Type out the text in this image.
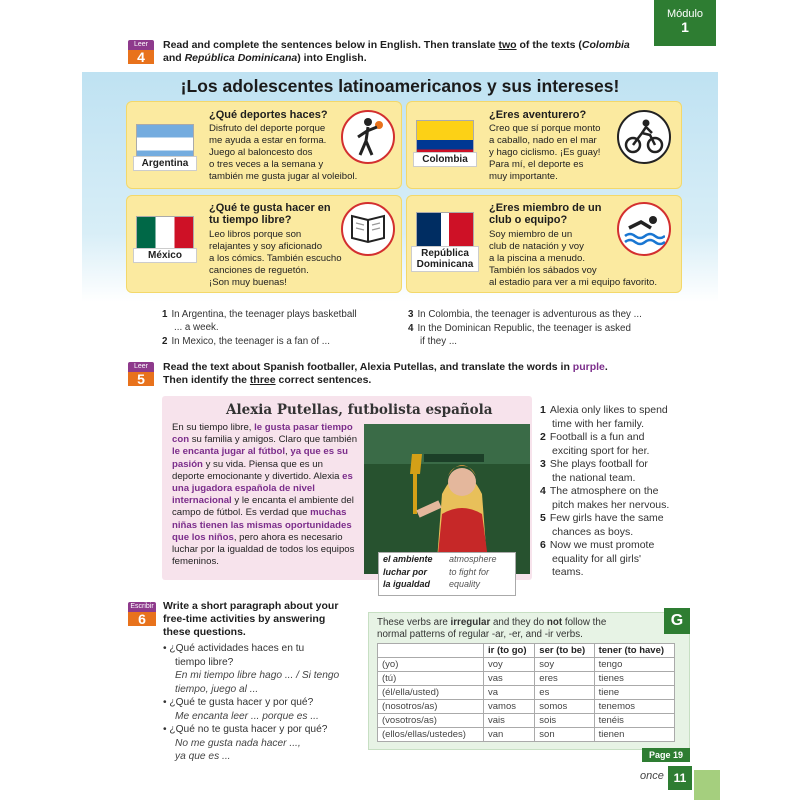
Módulo
1
Leer
4
Read and complete the sentences below in English. Then translate two of the texts (Colombia and República Dominicana) into English.
¡Los adolescentes latinoamericanos y sus intereses!
Argentina
¿Qué deportes haces?
Disfruto del deporte porque
me ayuda a estar en forma.
Juego al baloncesto dos
o tres veces a la semana y
también me gusta jugar al voleibol.
Colombia
¿Eres aventurero?
Creo que sí porque monto
a caballo, nado en el mar
y hago ciclismo. ¡Es guay!
Para mí, el deporte es
muy importante.
México
¿Qué te gusta hacer en tu tiempo libre?
Leo libros porque son
relajantes y soy aficionado
a los cómics. También escucho
canciones de reguetón.
¡Son muy buenas!
República Dominicana
¿Eres miembro de un club o equipo?
Soy miembro de un
club de natación y voy
a la piscina a menudo.
También los sábados voy
al estadio para ver a mi equipo favorito.
1 In Argentina, the teenager plays basketball
... a week.
2 In Mexico, the teenager is a fan of ...
3 In Colombia, the teenager is adventurous as they ...
4 In the Dominican Republic, the teenager is asked
if they ...
Leer
5
Read the text about Spanish footballer, Alexia Putellas, and translate the words in purple.
Then identify the three correct sentences.
Alexia Putellas, futbolista española
En su tiempo libre, le gusta pasar tiempo con su familia y amigos. Claro que también le encanta jugar al fútbol, ya que es su pasión y su vida. Piensa que es un deporte emocionante y divertido. Alexia es una jugadora española de nivel internacional y le encanta el ambiente del campo de fútbol. Es verdad que muchas niñas tienen las mismas oportunidades que los niños, pero ahora es necesario luchar por la igualdad de todos los equipos femeninos.	el ambiente atmosphere
luchar por to fight for
la igualdad equality
1 Alexia only likes to spend
time with her family.
2 Football is a fun and
exciting sport for her.
3 She plays football for
the national team.
4 The atmosphere on the
pitch makes her nervous.
5 Few girls have the same
chances as boys.
6 Now we must promote
equality for all girls'
teams.
Escribir
6
Write a short paragraph about your
free-time activities by answering
these questions.
• ¿Qué actividades haces en tu
tiempo libre?
En mi tiempo libre hago ... / Si tengo
tiempo, juego al ...
• ¿Qué te gusta hacer y por qué?
Me encanta leer ... porque es ...
• ¿Qué no te gusta hacer y por qué?
No me gusta nada hacer ...,
ya que es ...
These verbs are irregular and they do not follow the
normal patterns of regular -ar, -er, and -ir verbs.
	ir (to go)	ser (to be)	tener (to have)
(yo)	voy	soy	tengo
(tú)	vas	eres	tienes
(él/ella/usted)	va	es	tiene
(nosotros/as)	vamos	somos	tenemos
(vosotros/as)	vais	sois	tenéis
(ellos/ellas/ustedes)	van	son	tienen
G
Page 19
once 11
